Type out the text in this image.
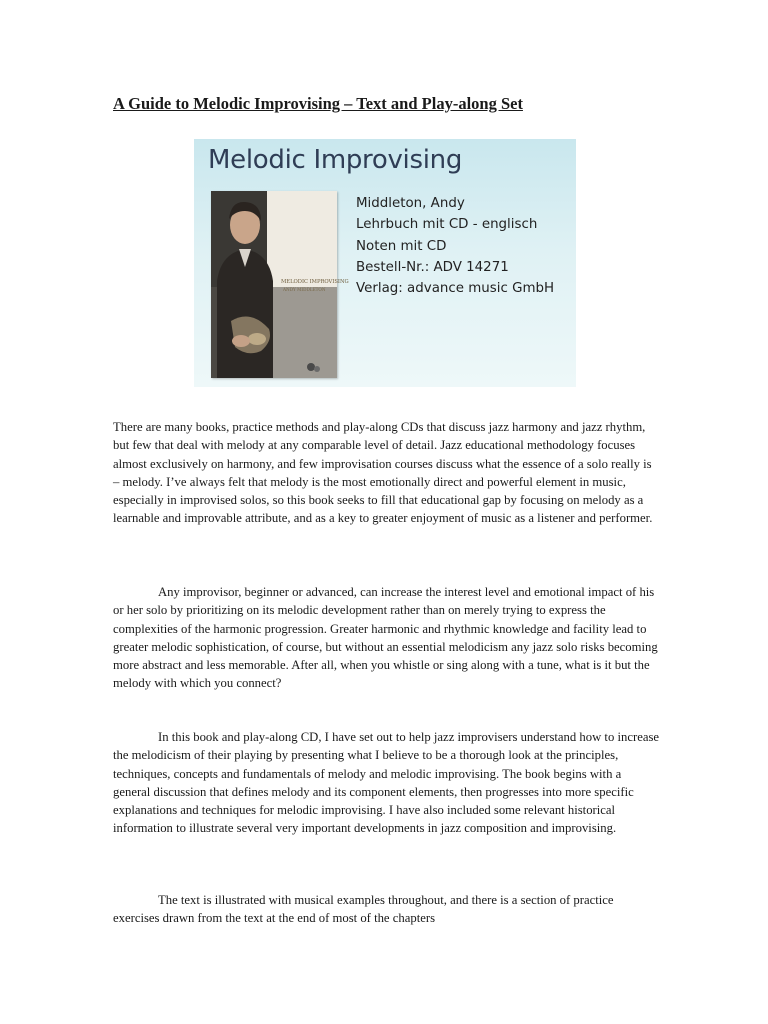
A Guide to Melodic Improvising – Text and Play-along Set
Melodic Improvising
MELODIC IMPROVISING
ANDY MIDDLETON
Middleton, Andy
Lehrbuch mit CD - englisch
Noten mit CD
Bestell-Nr.: ADV 14271
Verlag: advance music GmbH

There are many books, practice methods and play-along CDs that discuss jazz harmony and jazz rhythm, but few that deal with melody at any comparable level of detail. Jazz educational methodology focuses almost exclusively on harmony, and few improvisation courses discuss what the essence of a solo really is – melody. I’ve always felt that melody is the most emotionally direct and powerful element in music, especially in improvised solos, so this book seeks to fill that educational gap by focusing on melody as a learnable and improvable attribute, and as a key to greater enjoyment of music as a listener and performer.

Any improvisor, beginner or advanced, can increase the interest level and emotional impact of his or her solo by prioritizing on its melodic development rather than on merely trying to express the complexities of the harmonic progression. Greater harmonic and rhythmic knowledge and facility lead to greater melodic sophistication, of course, but without an essential melodicism any jazz solo risks becoming more abstract and less memorable. After all, when you whistle or sing along with a tune, what is it but the melody with which you connect?

In this book and play-along CD, I have set out to help jazz improvisers understand how to increase the melodicism of their playing by presenting what I believe to be a thorough look at the principles, techniques, concepts and fundamentals of melody and melodic improvising. The book begins with a general discussion that defines melody and its component elements, then progresses into more specific explanations and techniques for melodic improvising. I have also included some relevant historical information to illustrate several very important developments in jazz composition and improvising.

The text is illustrated with musical examples throughout, and there is a section of practice exercises drawn from the text at the end of most of the chapters
